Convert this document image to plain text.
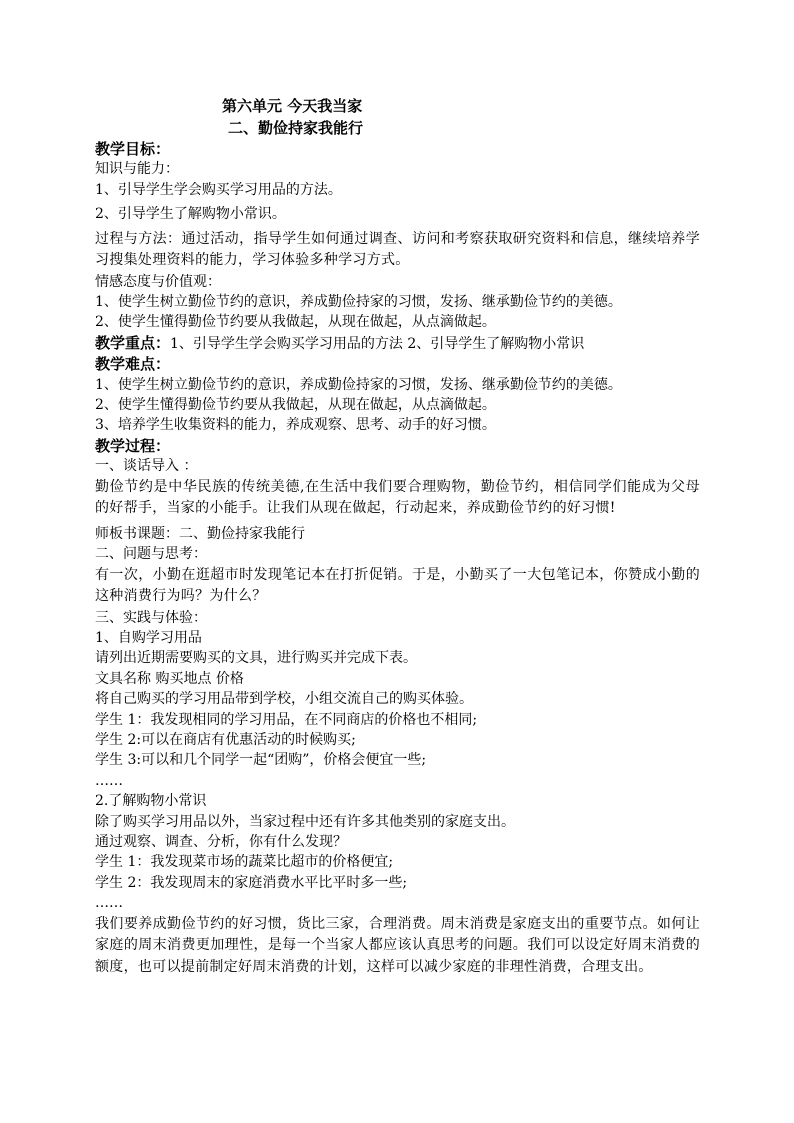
第六单元 今天我当家
二、勤俭持家我能行
教学目标：
知识与能力：
1、引导学生学会购买学习用品的方法。
2、引导学生了解购物小常识。
过程与方法：通过活动，指导学生如何通过调查、访问和考察获取研究资料和信息，继续培养学习搜集处理资料的能力，学习体验多种学习方式。
情感态度与价值观：
1、使学生树立勤俭节约的意识，养成勤俭持家的习惯，发扬、继承勤俭节约的美德。
2、使学生懂得勤俭节约要从我做起，从现在做起，从点滴做起。
教学重点：1、引导学生学会购买学习用品的方法 2、引导学生了解购物小常识
教学难点：
1、使学生树立勤俭节约的意识，养成勤俭持家的习惯，发扬、继承勤俭节约的美德。
2、使学生懂得勤俭节约要从我做起，从现在做起，从点滴做起。
3、培养学生收集资料的能力，养成观察、思考、动手的好习惯。
教学过程：
一、谈话导入 ：
勤俭节约是中华民族的传统美德,在生活中我们要合理购物，勤俭节约，相信同学们能成为父母的好帮手，当家的小能手。让我们从现在做起，行动起来，养成勤俭节约的好习惯!
师板书课题：二、勤俭持家我能行
二、问题与思考：
有一次，小勤在逛超市时发现笔记本在打折促销。于是，小勤买了一大包笔记本，你赞成小勤的这种消费行为吗？为什么？
三、实践与体验：
1、自购学习用品
请列出近期需要购买的文具，进行购买并完成下表。
文具名称 购买地点 价格
将自己购买的学习用品带到学校，小组交流自己的购买体验。
学生 1：我发现相同的学习用品，在不同商店的价格也不相同;
学生 2:可以在商店有优惠活动的时候购买;
学生 3:可以和几个同学一起“团购”，价格会便宜一些;
……
2.了解购物小常识
除了购买学习用品以外，当家过程中还有许多其他类别的家庭支出。
通过观察、调查、分析，你有什么发现？
学生 1：我发现菜市场的蔬菜比超市的价格便宜;
学生 2：我发现周末的家庭消费水平比平时多一些;
……
我们要养成勤俭节约的好习惯，货比三家，合理消费。周末消费是家庭支出的重要节点。如何让家庭的周末消费更加理性，是每一个当家人都应该认真思考的问题。我们可以设定好周末消费的额度，也可以提前制定好周末消费的计划，这样可以减少家庭的非理性消费，合理支出。
